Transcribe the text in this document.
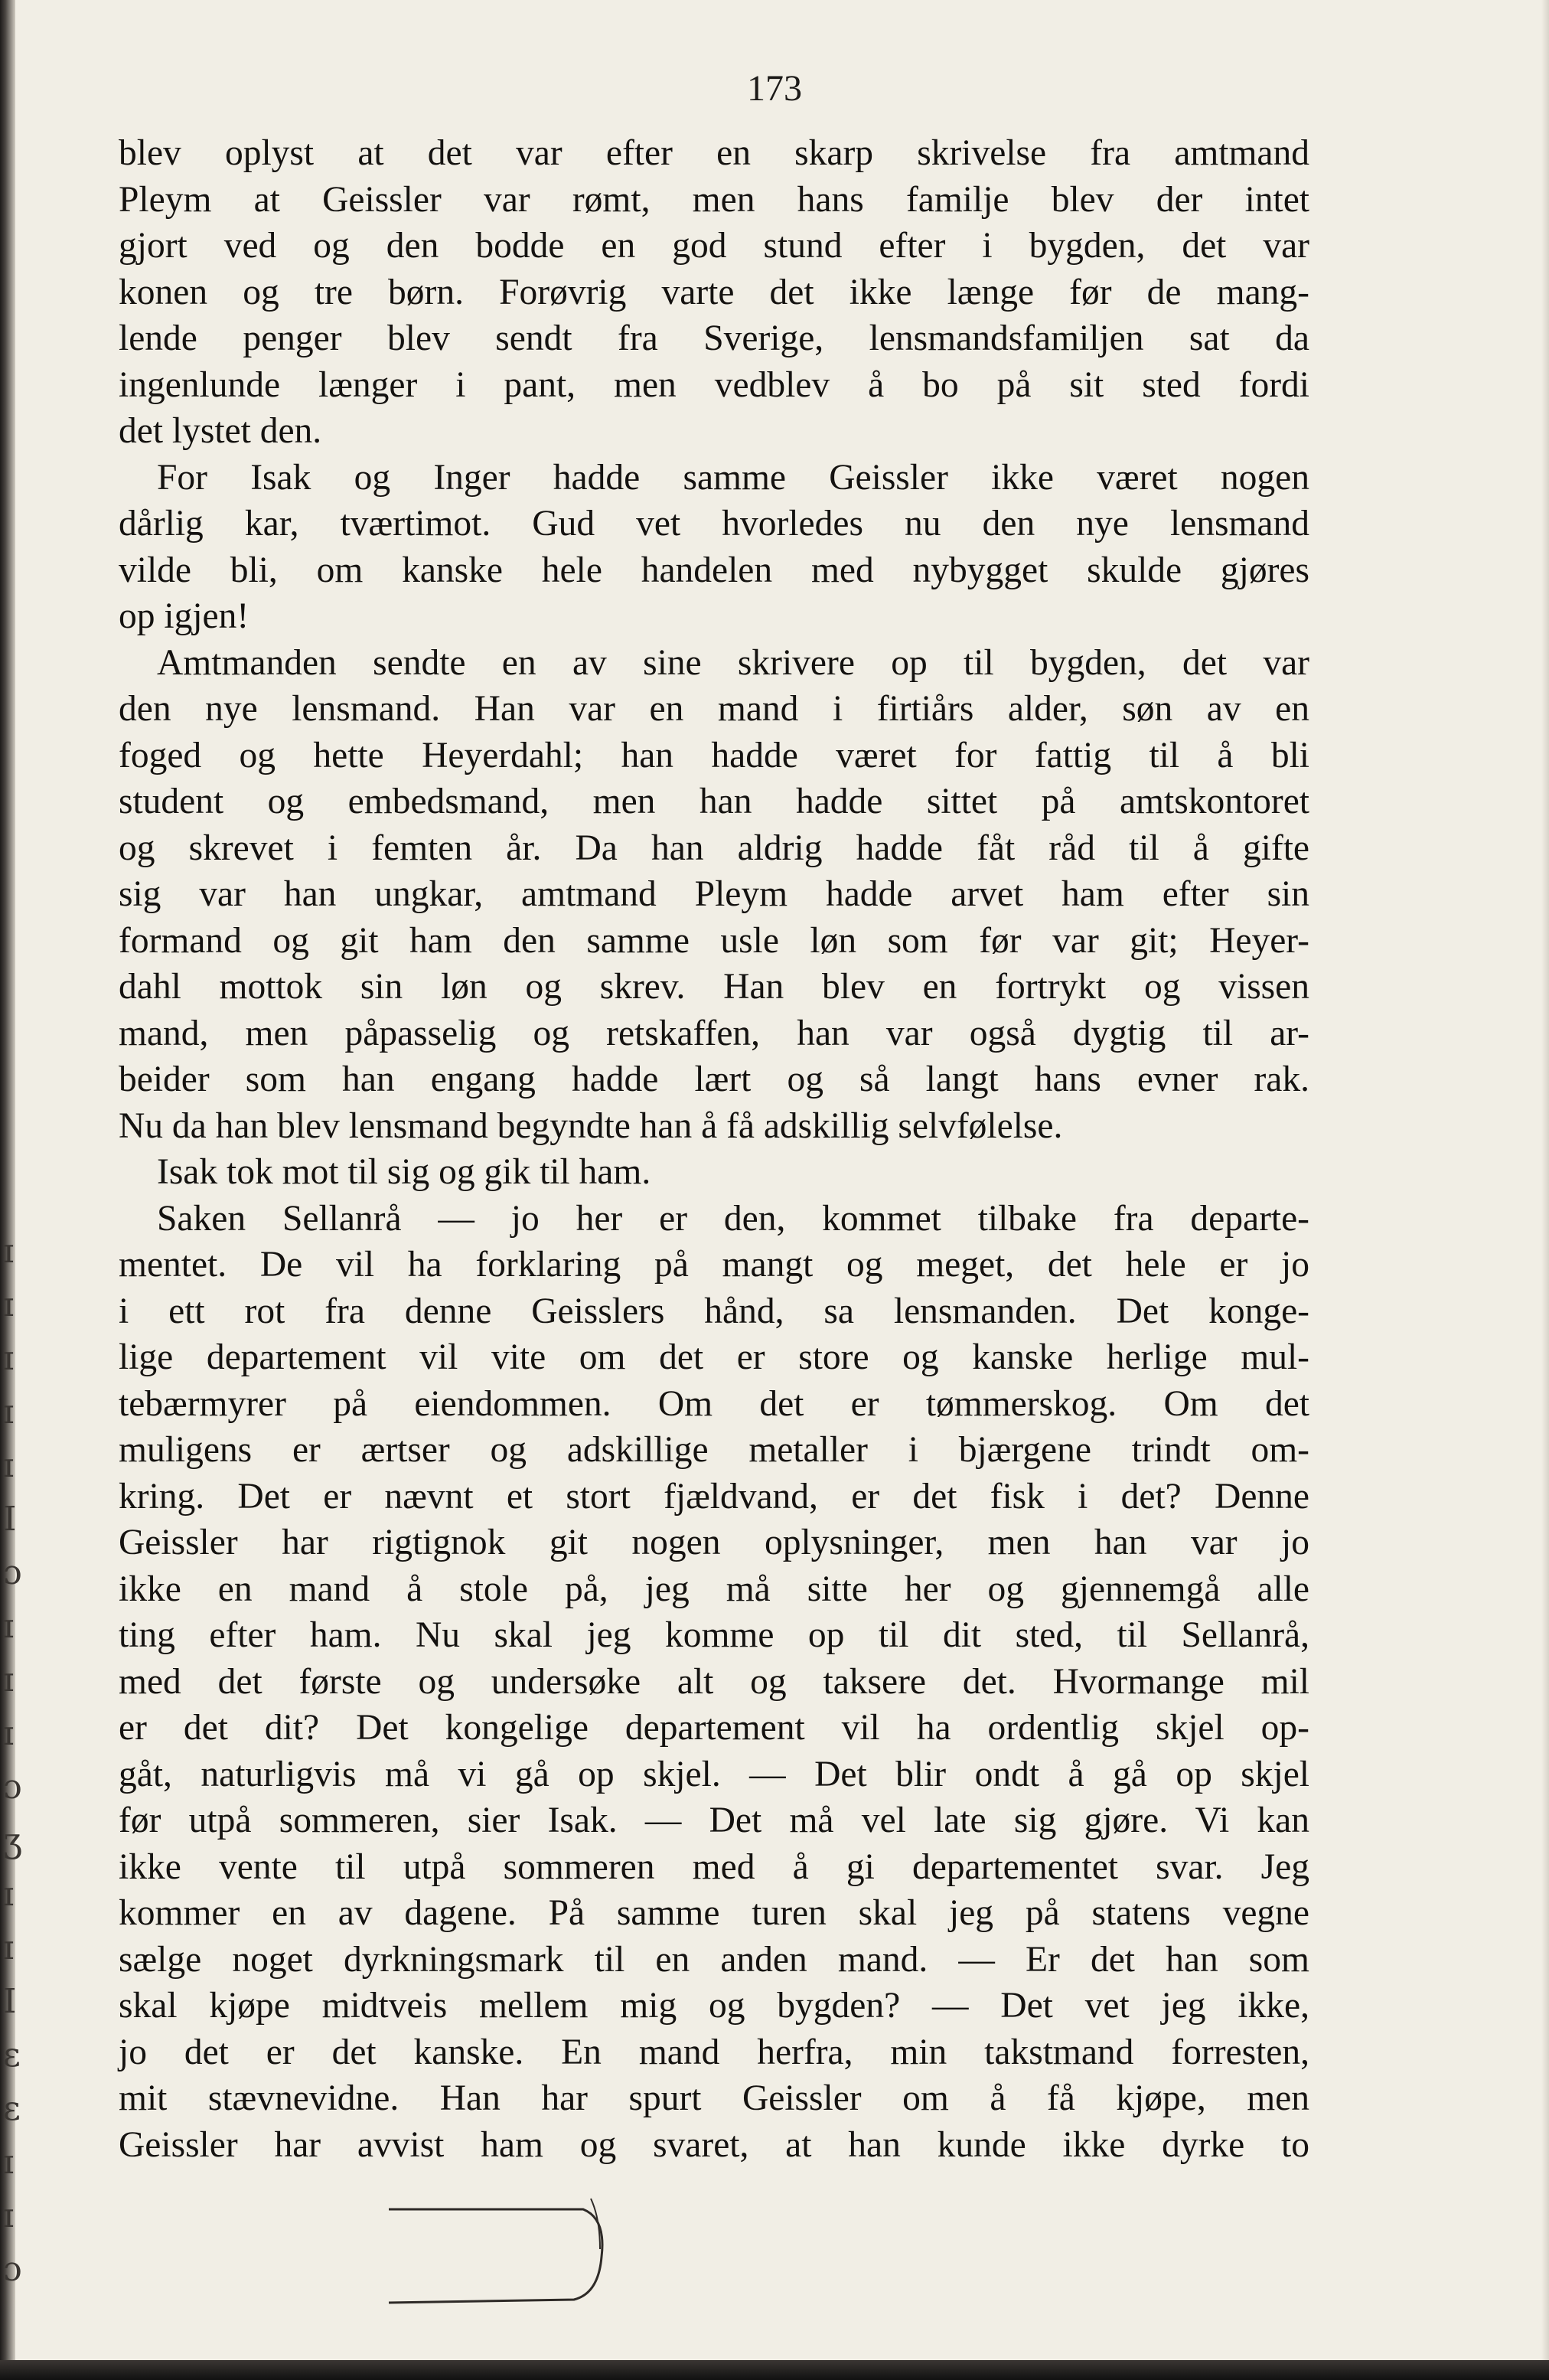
ɪ
ɪ
ɪ
ɪ
ɪ
I
ɔ
ɪ
ɪ
ɪ
ɔ
ʒ
ɪ
ɪ
I
ɛ
ɛ
ɪ
ɪ
ɔ
173
blev oplyst at det var efter en skarp skrivelse fra amtmand
Pleym at Geissler var rømt, men hans familje blev der intet
gjort ved og den bodde en god stund efter i bygden, det var
konen og tre børn. Forøvrig varte det ikke længe før de mang-
lende penger blev sendt fra Sverige, lensmandsfamiljen sat da
ingenlunde længer i pant, men vedblev å bo på sit sted fordi
det lystet den.
For Isak og Inger hadde samme Geissler ikke været nogen
dårlig kar, tværtimot. Gud vet hvorledes nu den nye lensmand
vilde bli, om kanske hele handelen med nybygget skulde gjøres
op igjen!
Amtmanden sendte en av sine skrivere op til bygden, det var
den nye lensmand. Han var en mand i firtiårs alder, søn av en
foged og hette Heyerdahl; han hadde været for fattig til å bli
student og embedsmand, men han hadde sittet på amtskontoret
og skrevet i femten år. Da han aldrig hadde fåt råd til å gifte
sig var han ungkar, amtmand Pleym hadde arvet ham efter sin
formand og git ham den samme usle løn som før var git; Heyer-
dahl mottok sin løn og skrev. Han blev en fortrykt og vissen
mand, men påpasselig og retskaffen, han var også dygtig til ar-
beider som han engang hadde lært og så langt hans evner rak.
Nu da han blev lensmand begyndte han å få adskillig selvfølelse.
Isak tok mot til sig og gik til ham.
Saken Sellanrå — jo her er den, kommet tilbake fra departe-
mentet. De vil ha forklaring på mangt og meget, det hele er jo
i ett rot fra denne Geisslers hånd, sa lensmanden. Det konge-
lige departement vil vite om det er store og kanske herlige mul-
tebærmyrer på eiendommen. Om det er tømmerskog. Om det
muligens er ærtser og adskillige metaller i bjærgene trindt om-
kring. Det er nævnt et stort fjældvand, er det fisk i det? Denne
Geissler har rigtignok git nogen oplysninger, men han var jo
ikke en mand å stole på, jeg må sitte her og gjennemgå alle
ting efter ham. Nu skal jeg komme op til dit sted, til Sellanrå,
med det første og undersøke alt og taksere det. Hvormange mil
er det dit? Det kongelige departement vil ha ordentlig skjel op-
gåt, naturligvis må vi gå op skjel. — Det blir ondt å gå op skjel
før utpå sommeren, sier Isak. — Det må vel late sig gjøre. Vi kan
ikke vente til utpå sommeren med å gi departementet svar. Jeg
kommer en av dagene. På samme turen skal jeg på statens vegne
sælge noget dyrkningsmark til en anden mand. — Er det han som
skal kjøpe midtveis mellem mig og bygden? — Det vet jeg ikke,
jo det er det kanske. En mand herfra, min takstmand forresten,
mit stævnevidne. Han har spurt Geissler om å få kjøpe, men
Geissler har avvist ham og svaret, at han kunde ikke dyrke to
